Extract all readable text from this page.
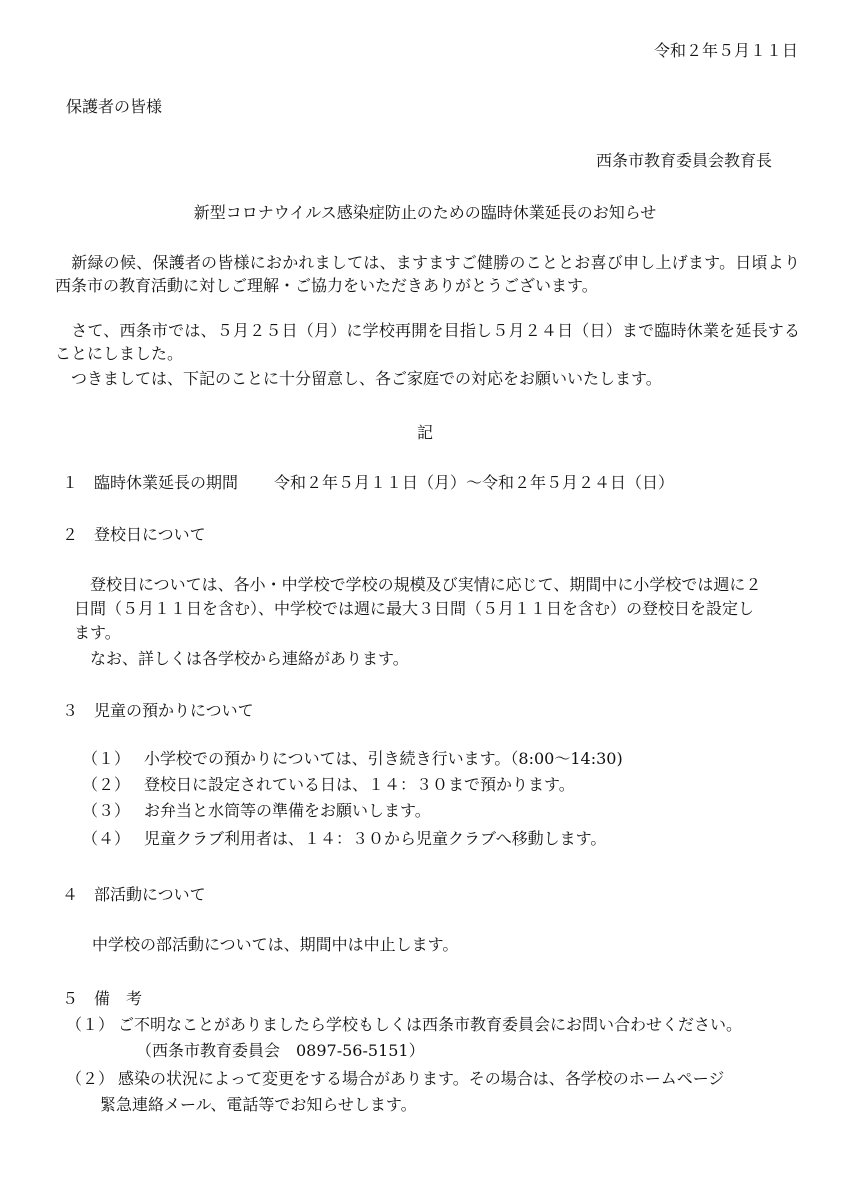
令和２年５月１１日
保護者の皆様
西条市教育委員会教育長
新型コロナウイルス感染症防止のための臨時休業延長のお知らせ
　新緑の候、保護者の皆様におかれましては、ますますご健勝のこととお喜び申し上げます。日頃より西条市の教育活動に対しご理解・ご協力をいただきありがとうございます。
　さて、西条市では、５月２５日（月）に学校再開を目指し５月２４日（日）まで臨時休業を延長することにしました。
　つきましては、下記のことに十分留意し、各ご家庭での対応をお願いいたします。
記
１ 臨時休業延長の期間 令和２年５月１１日（月）～令和２年５月２４日（日）
２　登校日について
　登校日については、各小・中学校で学校の規模及び実情に応じて、期間中に小学校では週に２
日間（５月１１日を含む）、中学校では週に最大３日間（５月１１日を含む）の登校日を設定し
ます。
　なお、詳しくは各学校から連絡があります。
３　児童の預かりについて
（１） 小学校での預かりについては、引き続き行います。（8:00～14:30)
（２） 登校日に設定されている日は、１４：３０まで預かります。
（３） お弁当と水筒等の準備をお願いします。
（４） 児童クラブ利用者は、１４：３０から児童クラブへ移動します。
４　部活動について
中学校の部活動については、期間中は中止します。
５　備　考
（１） ご不明なことがありましたら学校もしくは西条市教育委員会にお問い合わせください。
（西条市教育委員会　0897-56-5151）
（２） 感染の状況によって変更をする場合があります。その場合は、各学校のホームページ
緊急連絡メール、電話等でお知らせします。
